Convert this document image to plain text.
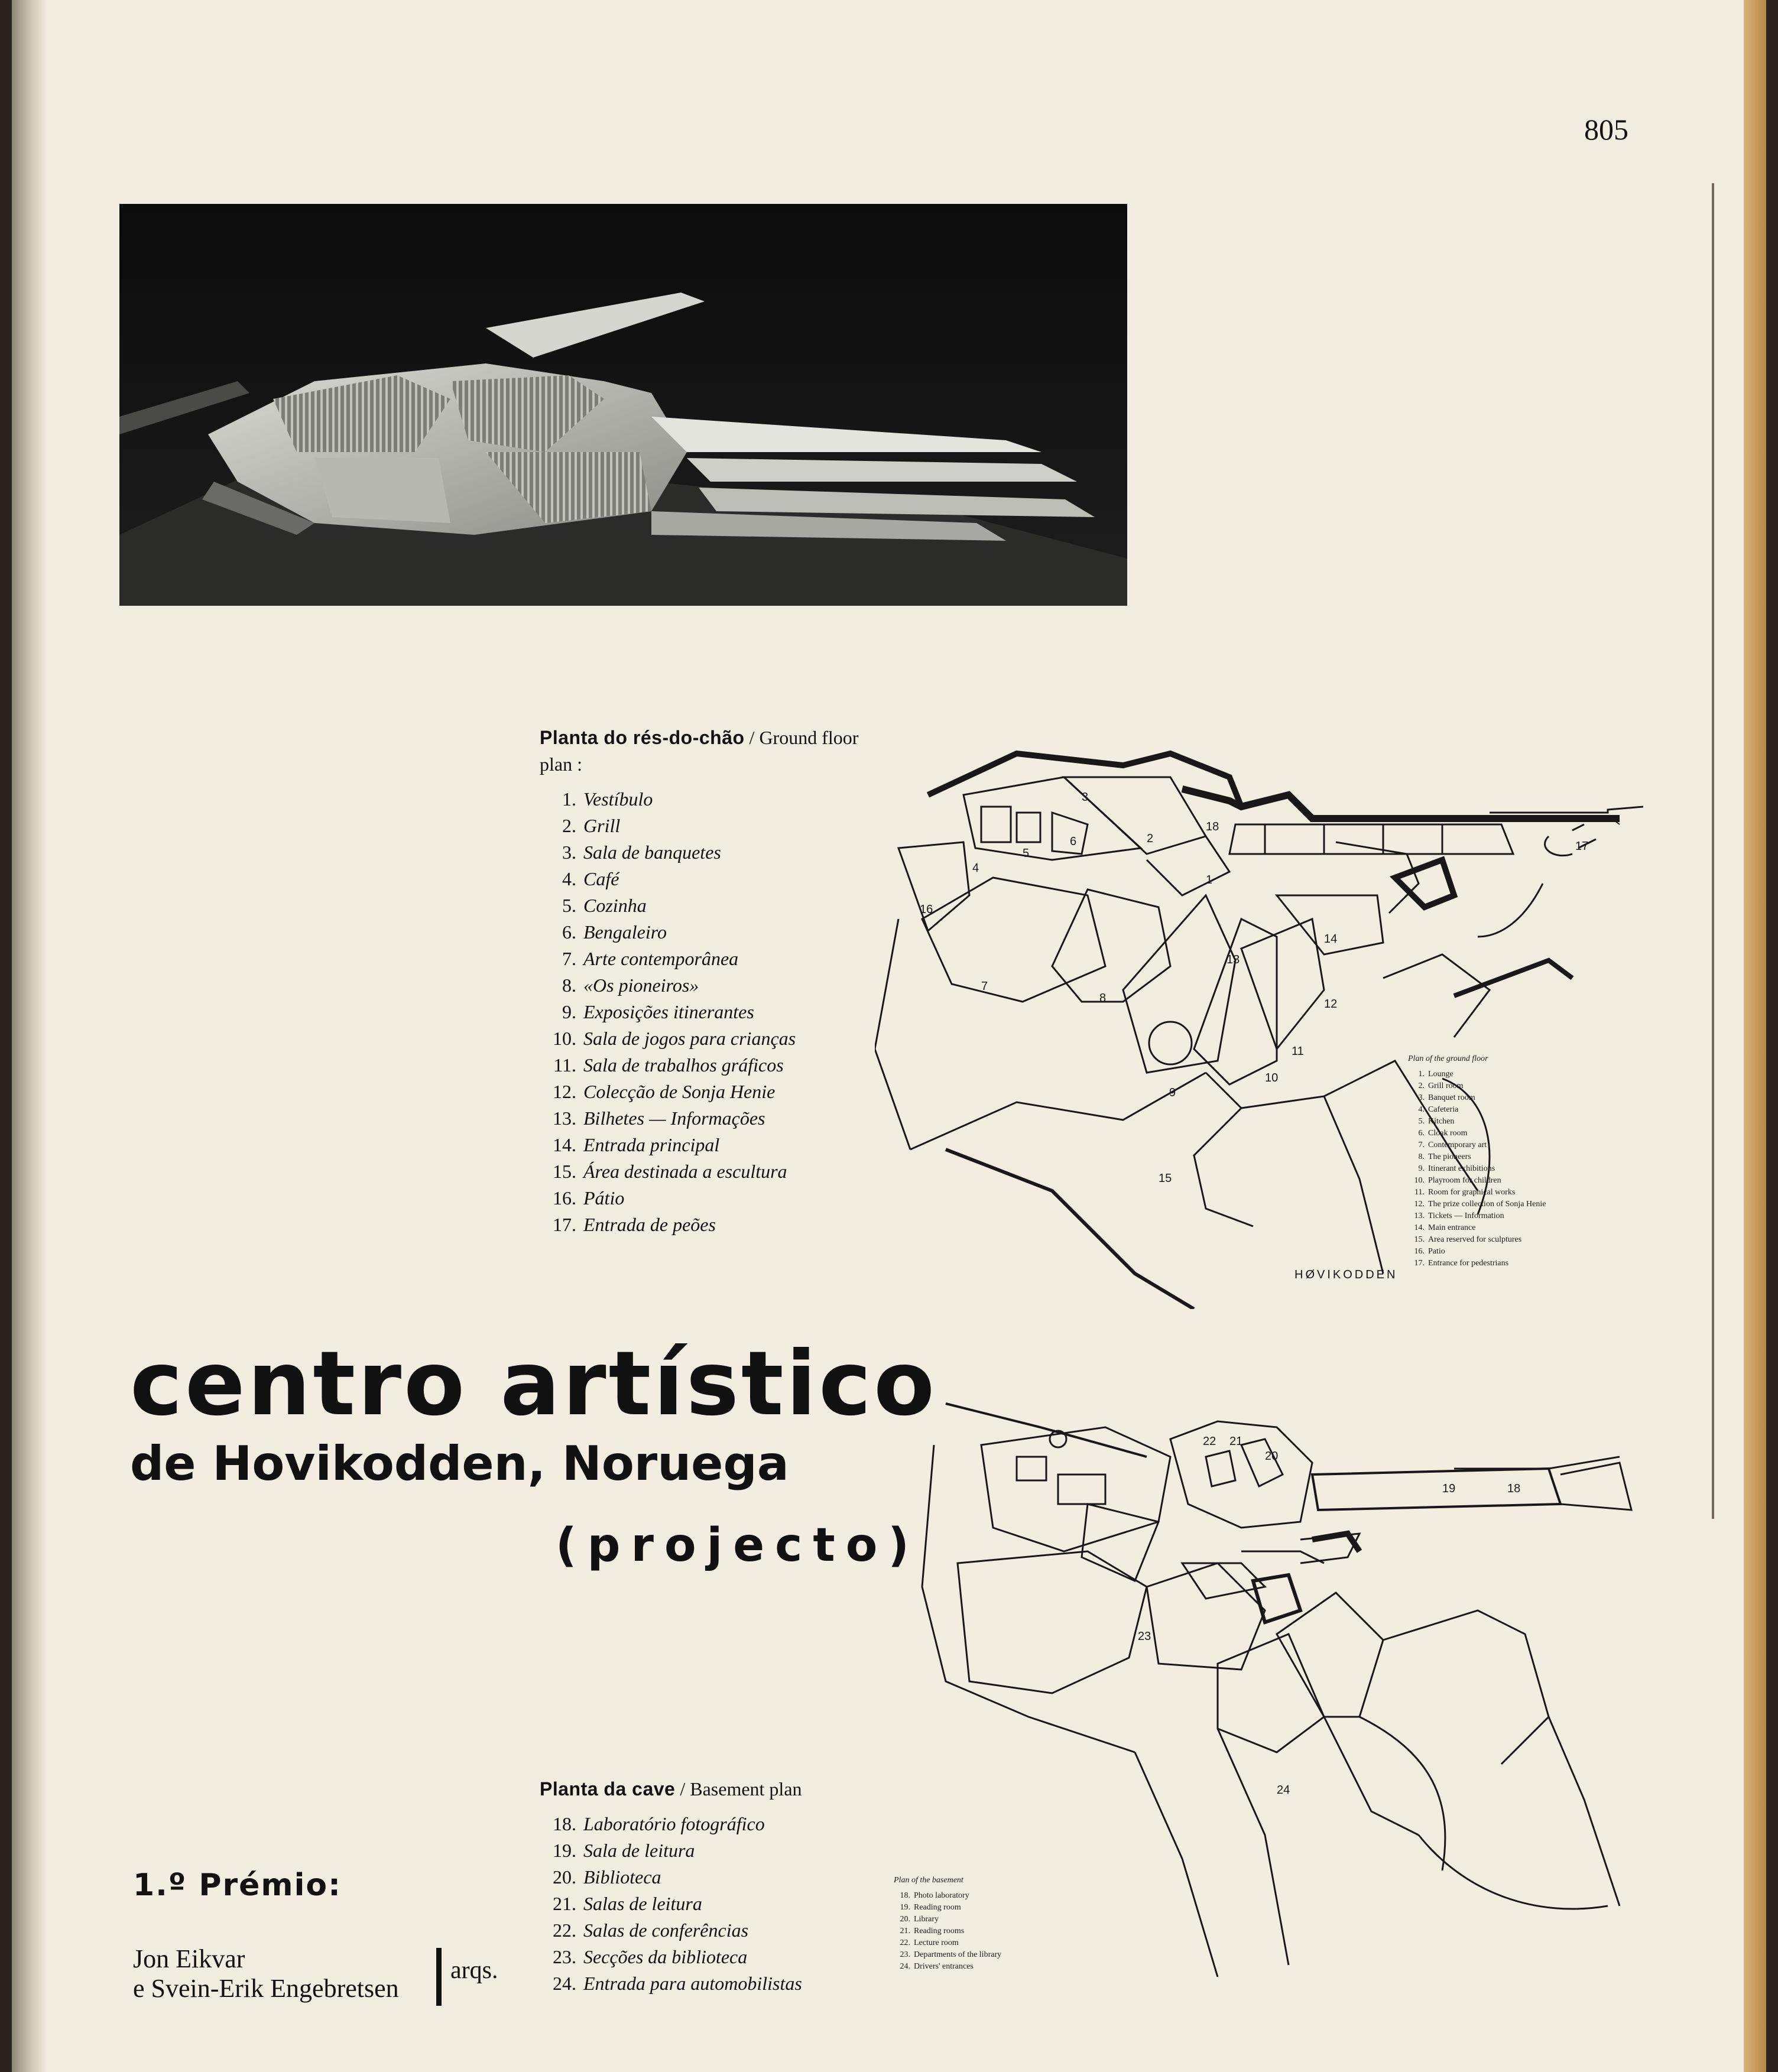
805
Planta do rés-do-chão / Ground floor plan :
1. Vestíbulo
2. Grill
3. Sala de banquetes
4. Café
5. Cozinha
6. Bengaleiro
7. Arte contemporânea
8. «Os pioneiros»
9. Exposições itinerantes
10. Sala de jogos para crianças
11. Sala de trabalhos gráficos
12. Colecção de Sonja Henie
13. Bilhetes — Informações
14. Entrada principal
15. Área destinada a escultura
16. Pátio
17. Entrada de peões
1
2
3
4
5
6
7
8
9
10
11
12
13
14
15
16
17
18
Plan of the ground floor
1. Lounge
2. Grill room
3. Banquet room
4. Cafeteria
5. Kitchen
6. Cloak room
7. Contemporary art
8. The pioneers
9. Itinerant exhibitions
10. Playroom for children
11. Room for graphical works
12. The prize collection of Sonja Henie
13. Tickets — Information
14. Main entrance
15. Area reserved for sculptures
16. Patio
17. Entrance for pedestrians
HØVIKODDEN
centro artístico
de Hovikodden, Noruega
(projecto)
18
19
20
21
22
23
24
Planta da cave / Basement plan
18. Laboratório fotográfico
19. Sala de leitura
20. Biblioteca
21. Salas de leitura
22. Salas de conferências
23. Secções da biblioteca
24. Entrada para automobilistas
Plan of the basement
18. Photo laboratory
19. Reading room
20. Library
21. Reading rooms
22. Lecture room
23. Departments of the library
24. Drivers' entrances
1.º Prémio:
Jon Eikvar
e Svein-Erik Engebretsen
arqs.
